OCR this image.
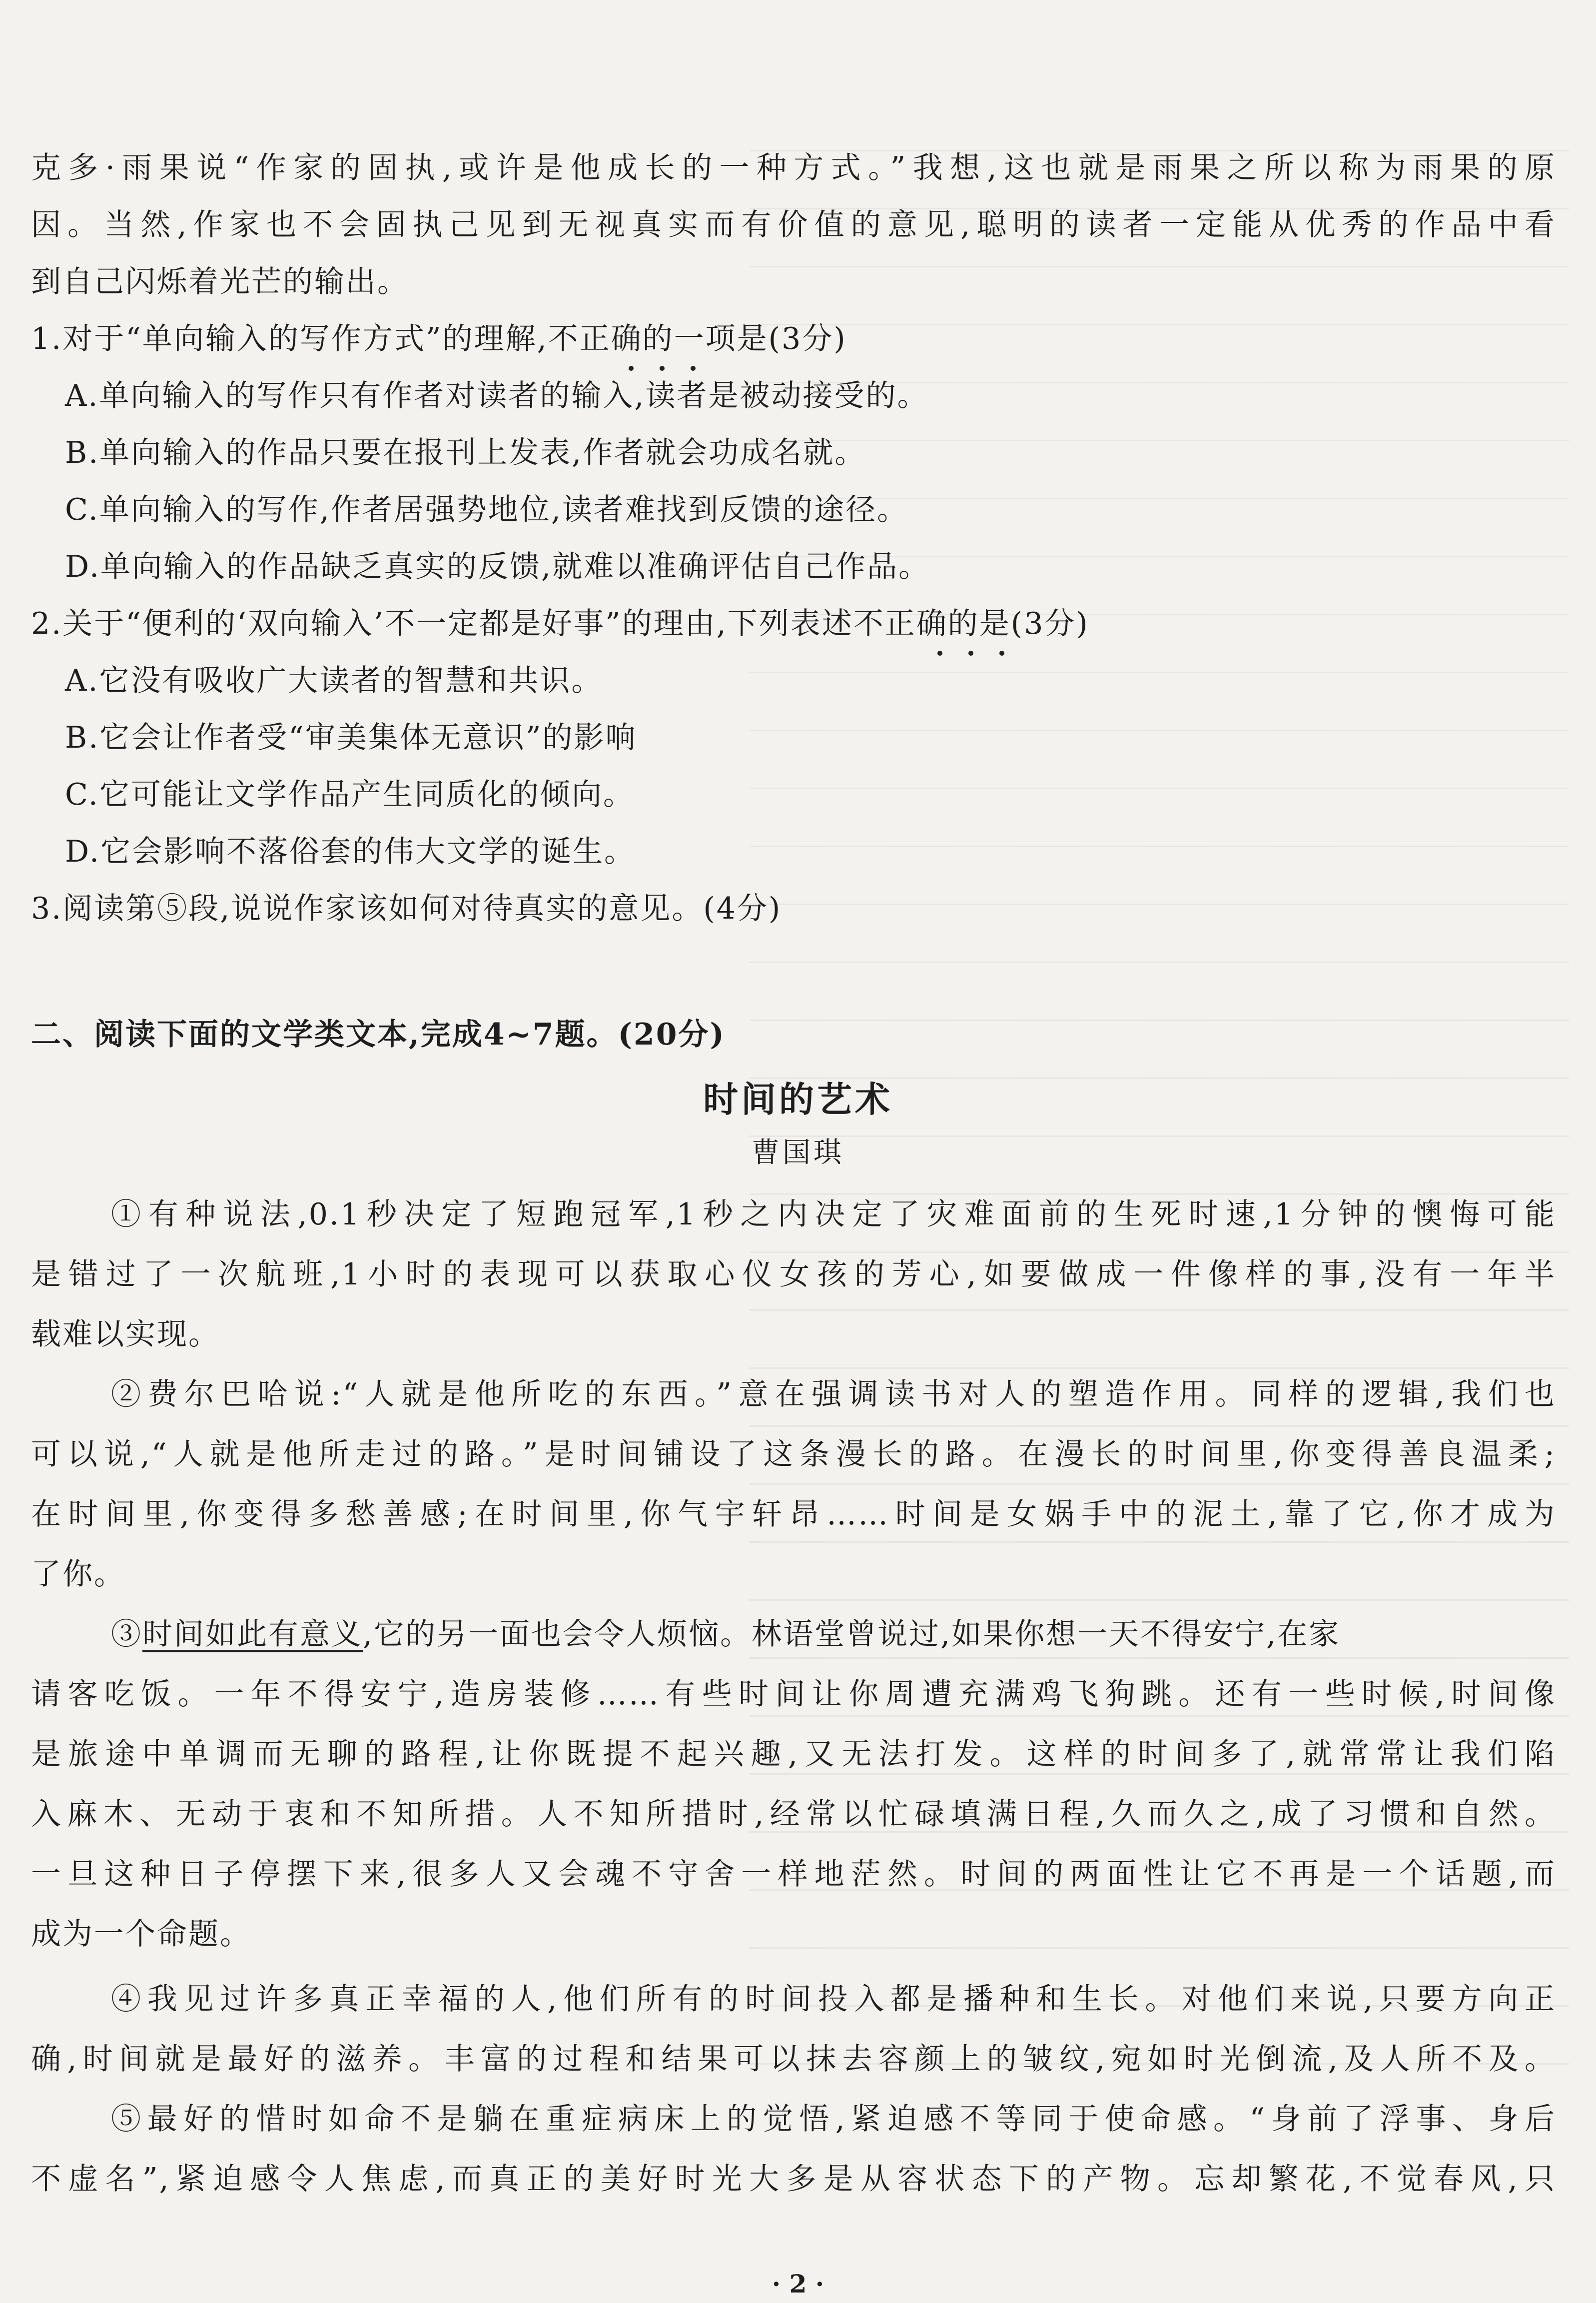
克多·雨果说“作家的固执,或许是他成长的一种方式。”我想,这也就是雨果之所以称为雨果的原
因。当然,作家也不会固执己见到无视真实而有价值的意见,聪明的读者一定能从优秀的作品中看
到自己闪烁着光芒的输出。
1.对于“单向输入的写作方式”的理解,不正确的一项是(3分)
A.单向输入的写作只有作者对读者的输入,读者是被动接受的。
B.单向输入的作品只要在报刊上发表,作者就会功成名就。
C.单向输入的写作,作者居强势地位,读者难找到反馈的途径。
D.单向输入的作品缺乏真实的反馈,就难以准确评估自己作品。
2.关于“便利的‘双向输入’不一定都是好事”的理由,下列表述不正确的是(3分)
A.它没有吸收广大读者的智慧和共识。
B.它会让作者受“审美集体无意识”的影响
C.它可能让文学作品产生同质化的倾向。
D.它会影响不落俗套的伟大文学的诞生。
3.阅读第⑤段,说说作家该如何对待真实的意见。(4分)
二、阅读下面的文学类文本,完成4~7题。(20分)
时间的艺术
曹国琪
①有种说法,0.1秒决定了短跑冠军,1秒之内决定了灾难面前的生死时速,1分钟的懊悔可能
是错过了一次航班,1小时的表现可以获取心仪女孩的芳心,如要做成一件像样的事,没有一年半
载难以实现。
②费尔巴哈说:“人就是他所吃的东西。”意在强调读书对人的塑造作用。同样的逻辑,我们也
可以说,“人就是他所走过的路。”是时间铺设了这条漫长的路。在漫长的时间里,你变得善良温柔;
在时间里,你变得多愁善感;在时间里,你气宇轩昂……时间是女娲手中的泥土,靠了它,你才成为
了你。
③时间如此有意义,它的另一面也会令人烦恼。林语堂曾说过,如果你想一天不得安宁,在家
请客吃饭。一年不得安宁,造房装修……有些时间让你周遭充满鸡飞狗跳。还有一些时候,时间像
是旅途中单调而无聊的路程,让你既提不起兴趣,又无法打发。这样的时间多了,就常常让我们陷
入麻木、无动于衷和不知所措。人不知所措时,经常以忙碌填满日程,久而久之,成了习惯和自然。
一旦这种日子停摆下来,很多人又会魂不守舍一样地茫然。时间的两面性让它不再是一个话题,而
成为一个命题。
④我见过许多真正幸福的人,他们所有的时间投入都是播种和生长。对他们来说,只要方向正
确,时间就是最好的滋养。丰富的过程和结果可以抹去容颜上的皱纹,宛如时光倒流,及人所不及。
⑤最好的惜时如命不是躺在重症病床上的觉悟,紧迫感不等同于使命感。“身前了浮事、身后
不虚名”,紧迫感令人焦虑,而真正的美好时光大多是从容状态下的产物。忘却繁花,不觉春风,只
· 2 ·
